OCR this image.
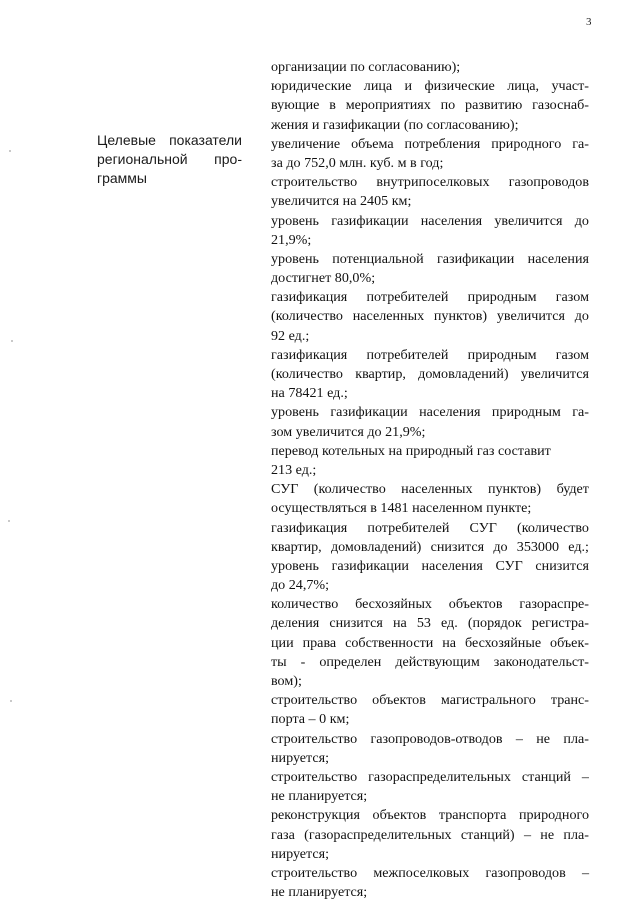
3
Целевые показатели
региональной про-
граммы
организации по согласованию);
юридические лица и физические лица, участ-
вующие в мероприятиях по развитию газоснаб-
жения и газификации (по согласованию);
увеличение объема потребления природного га-
за до 752,0 млн. куб. м в год;
строительство внутрипоселковых газопроводов
увеличится на 2405 км;
уровень газификации населения увеличится до
21,9%;
уровень потенциальной газификации населения
достигнет 80,0%;
газификация потребителей природным газом
(количество населенных пунктов) увеличится до
92 ед.;
газификация потребителей природным газом
(количество квартир, домовладений) увеличится
на 78421 ед.;
уровень газификации населения природным га-
зом увеличится до 21,9%;
перевод котельных на природный газ составит
213 ед.;
СУГ (количество населенных пунктов) будет
осуществляться в 1481 населенном пункте;
газификация потребителей СУГ (количество
квартир, домовладений) снизится до 353000 ед.;
уровень газификации населения СУГ снизится
до 24,7%;
количество бесхозяйных объектов газораспре-
деления снизится на 53 ед. (порядок регистра-
ции права собственности на бесхозяйные объек-
ты - определен действующим законодательст-
вом);
строительство объектов магистрального транс-
порта – 0 км;
строительство газопроводов-отводов – не пла-
нируется;
строительство газораспределительных станций –
не планируется;
реконструкция объектов транспорта природного
газа (газораспределительных станций) – не пла-
нируется;
строительство межпоселковых газопроводов –
не планируется;
